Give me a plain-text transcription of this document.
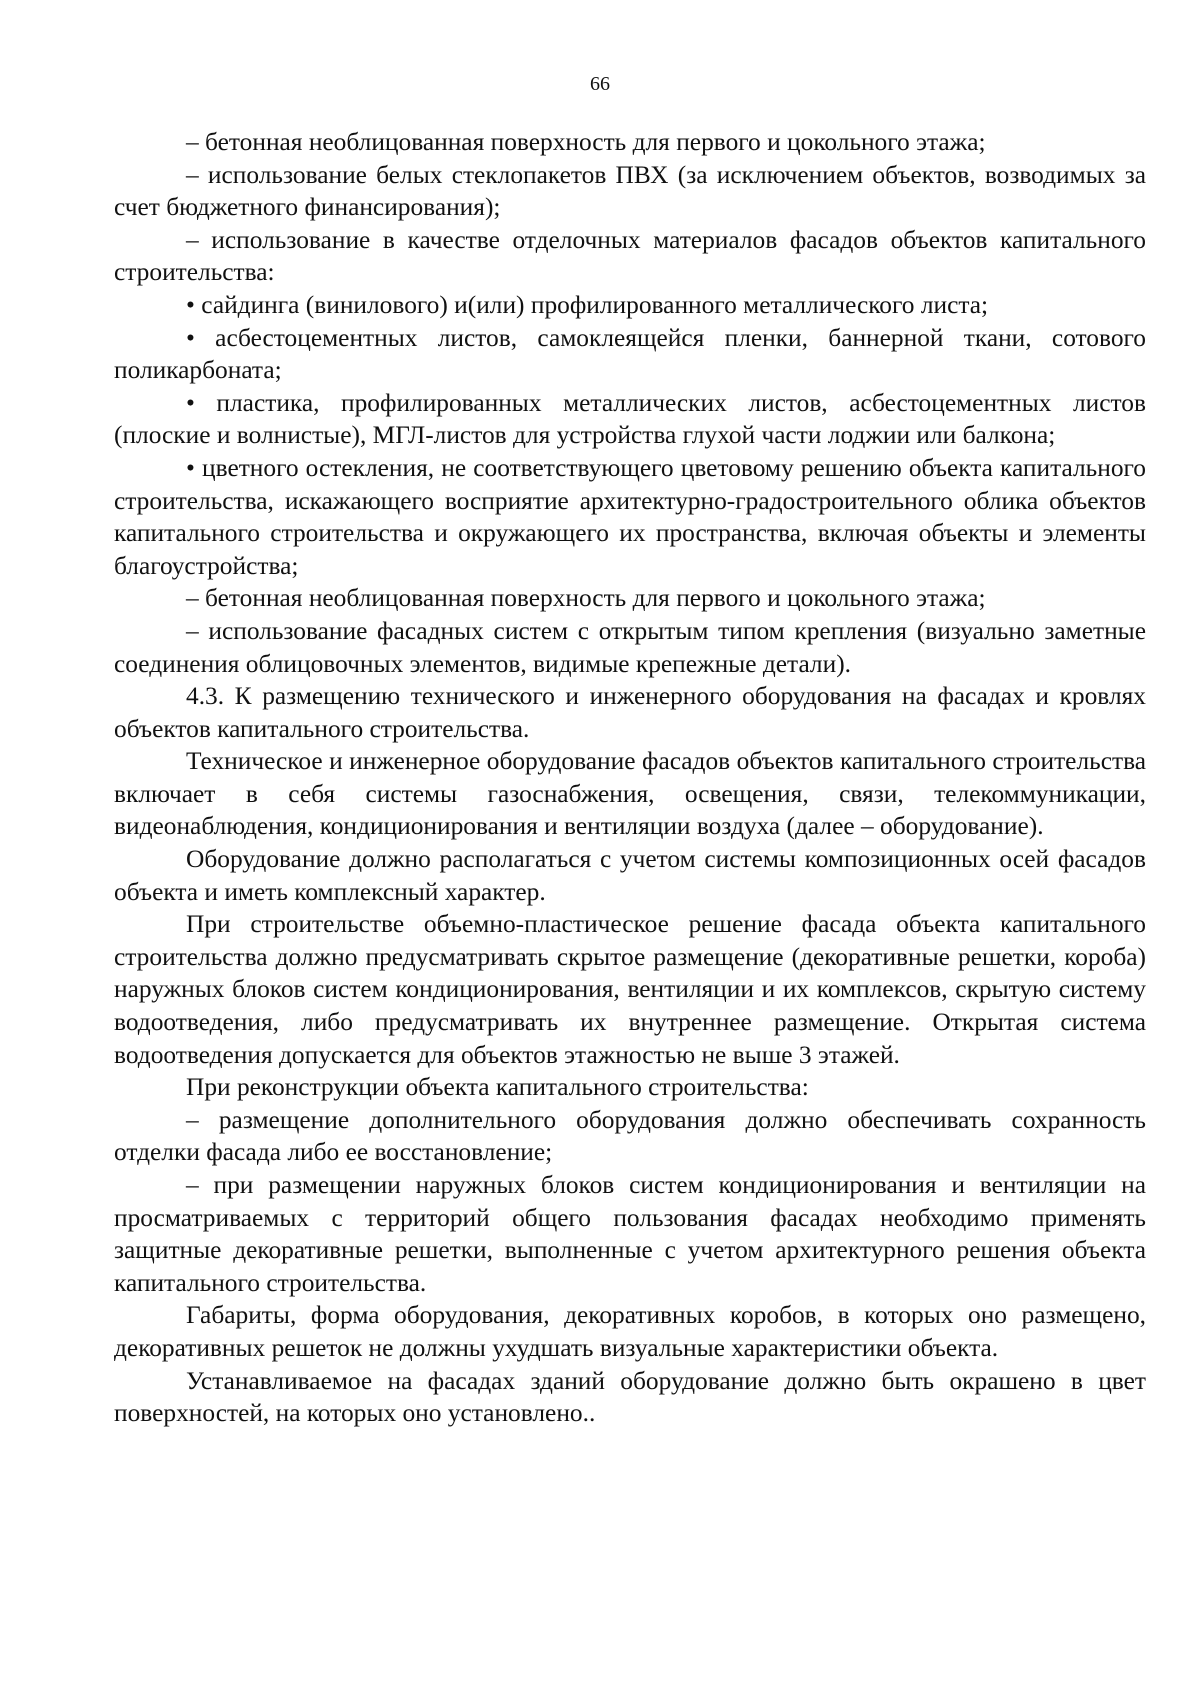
66

– бетонная необлицованная поверхность для первого и цокольного этажа;

– использование белых стеклопакетов ПВХ (за исключением объектов, возводимых за счет бюджетного финансирования);

– использование в качестве отделочных материалов фасадов объектов капитального строительства:

• сайдинга (винилового) и(или) профилированного металлического листа;

• асбестоцементных листов, самоклеящейся пленки, баннерной ткани, сотового поликарбоната;

• пластика, профилированных металлических листов, асбестоцементных листов (плоские и волнистые), МГЛ-листов для устройства глухой части лоджии или балкона;

• цветного остекления, не соответствующего цветовому решению объекта капитального строительства, искажающего восприятие архитектурно-градостроительного облика объектов капитального строительства и окружающего их пространства, включая объекты и элементы благоустройства;

– бетонная необлицованная поверхность для первого и цокольного этажа;

– использование фасадных систем с открытым типом крепления (визуально заметные соединения облицовочных элементов, видимые крепежные детали).

4.3. К размещению технического и инженерного оборудования на фасадах и кровлях объектов капитального строительства.

Техническое и инженерное оборудование фасадов объектов капитального строительства включает в себя системы газоснабжения, освещения, связи, телекоммуникации, видеонаблюдения, кондиционирования и вентиляции воздуха (далее – оборудование).

Оборудование должно располагаться с учетом системы композиционных осей фасадов объекта и иметь комплексный характер.

При строительстве объемно-пластическое решение фасада объекта капитального строительства должно предусматривать скрытое размещение (декоративные решетки, короба) наружных блоков систем кондиционирования, вентиляции и их комплексов, скрытую систему водоотведения, либо предусматривать их внутреннее размещение. Открытая система водоотведения допускается для объектов этажностью не выше 3 этажей.

При реконструкции объекта капитального строительства:

– размещение дополнительного оборудования должно обеспечивать сохранность отделки фасада либо ее восстановление;

– при размещении наружных блоков систем кондиционирования и вентиляции на просматриваемых с территорий общего пользования фасадах необходимо применять защитные декоративные решетки, выполненные с учетом архитектурного решения объекта капитального строительства.

Габариты, форма оборудования, декоративных коробов, в которых оно размещено, декоративных решеток не должны ухудшать визуальные характеристики объекта.

Устанавливаемое на фасадах зданий оборудование должно быть окрашено в цвет поверхностей, на которых оно установлено..
